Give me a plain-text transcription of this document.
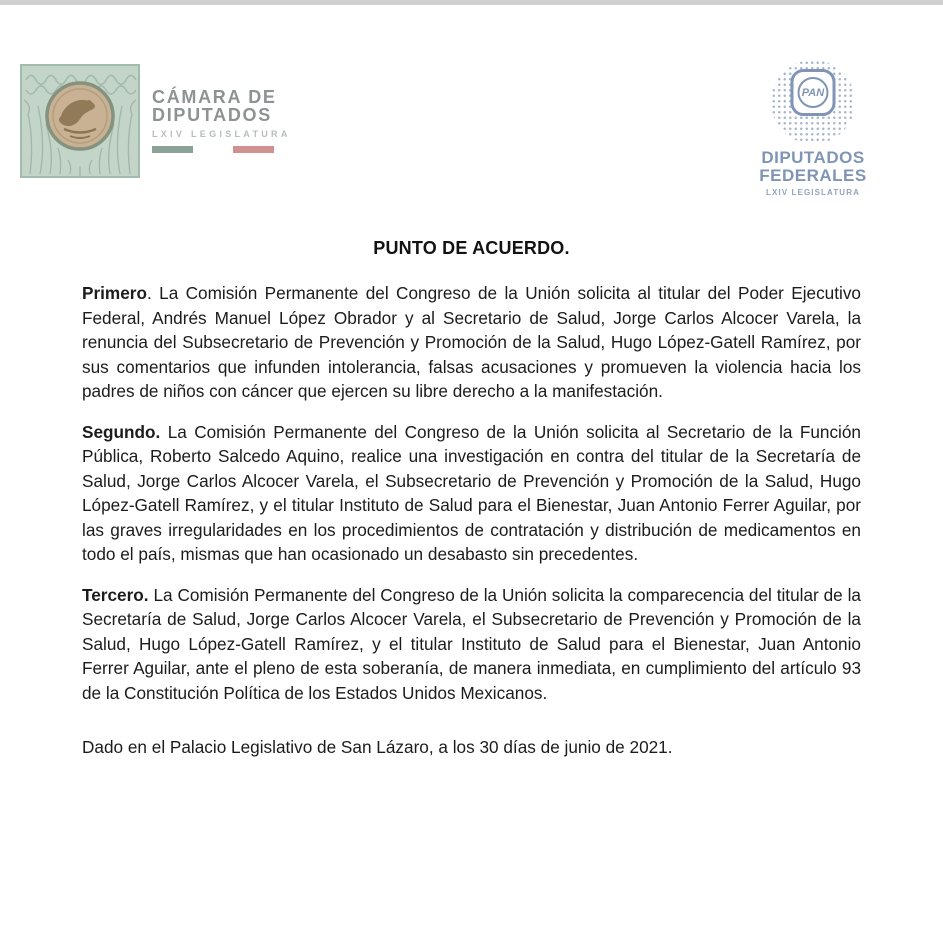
CÁMARA DE
DIPUTADOS
LXIV LEGISLATURA
PAN
DIPUTADOS
FEDERALES
LXIV LEGISLATURA
PUNTO DE ACUERDO.

Primero. La Comisión Permanente del Congreso de la Unión solicita al titular del Poder Ejecutivo Federal, Andrés Manuel López Obrador y al Secretario de Salud, Jorge Carlos Alcocer Varela, la renuncia del Subsecretario de Prevención y Promoción de la Salud, Hugo López-Gatell Ramírez, por sus comentarios que infunden intolerancia, falsas acusaciones y promueven la violencia hacia los padres de niños con cáncer que ejercen su libre derecho a la manifestación.

Segundo. La Comisión Permanente del Congreso de la Unión solicita al Secretario de la Función Pública, Roberto Salcedo Aquino, realice una investigación en contra del titular de la Secretaría de Salud, Jorge Carlos Alcocer Varela, el Subsecretario de Prevención y Promoción de la Salud, Hugo López-Gatell Ramírez, y el titular Instituto de Salud para el Bienestar, Juan Antonio Ferrer Aguilar, por las graves irregularidades en los procedimientos de contratación y distribución de medicamentos en todo el país, mismas que han ocasionado un desabasto sin precedentes.

Tercero. La Comisión Permanente del Congreso de la Unión solicita la comparecencia del titular de la Secretaría de Salud, Jorge Carlos Alcocer Varela, el Subsecretario de Prevención y Promoción de la Salud, Hugo López-Gatell Ramírez, y el titular Instituto de Salud para el Bienestar, Juan Antonio Ferrer Aguilar, ante el pleno de esta soberanía, de manera inmediata, en cumplimiento del artículo 93 de la Constitución Política de los Estados Unidos Mexicanos.

Dado en el Palacio Legislativo de San Lázaro, a los 30 días de junio de 2021.
